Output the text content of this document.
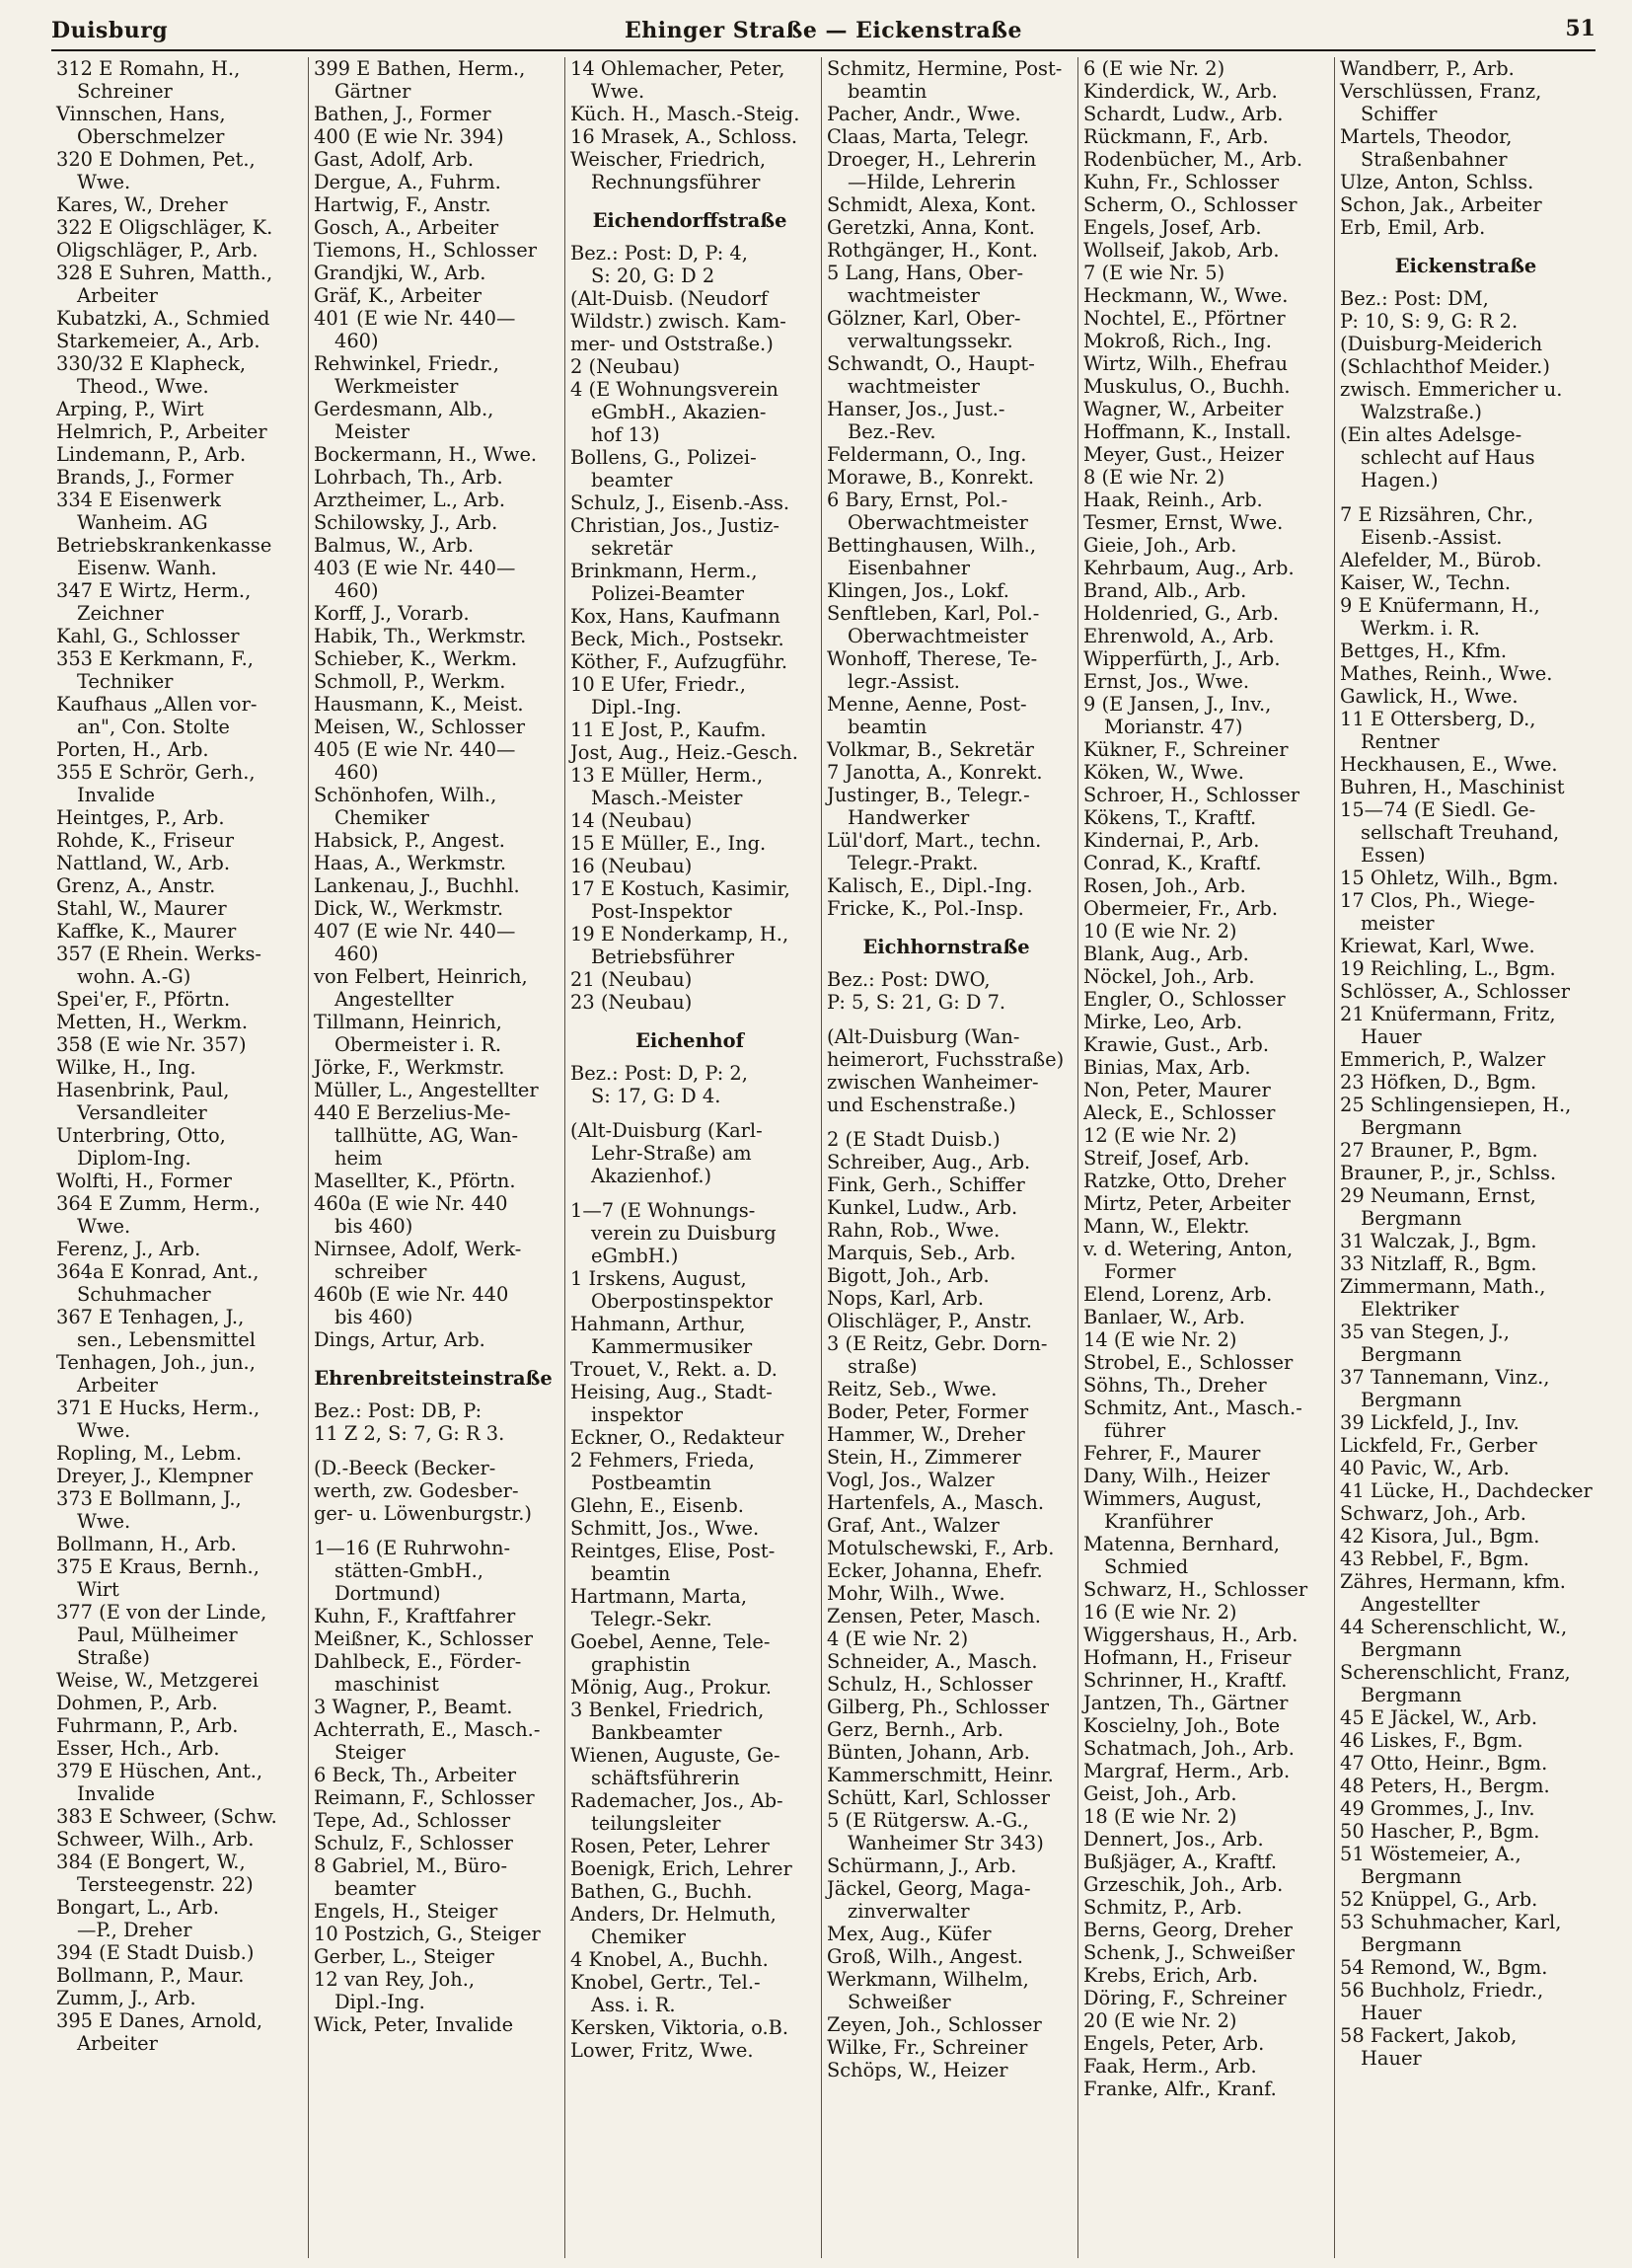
Duisburg	Ehinger Straße — Eickenstraße	51
312 E Romahn, H.,
Schreiner
Vinnschen, Hans,
Oberschmelzer
320 E Dohmen, Pet.,
Wwe.
Kares, W., Dreher
322 E Oligschläger, K.
Oligschläger, P., Arb.
328 E Suhren, Matth.,
Arbeiter
Kubatzki, A., Schmied
Starkemeier, A., Arb.
330/32 E Klapheck,
Theod., Wwe.
Arping, P., Wirt
Helmrich, P., Arbeiter
Lindemann, P., Arb.
Brands, J., Former
334 E Eisenwerk
Wanheim. AG
Betriebskrankenkasse
Eisenw. Wanh.
347 E Wirtz, Herm.,
Zeichner
Kahl, G., Schlosser
353 E Kerkmann, F.,
Techniker
Kaufhaus „Allen vor-
an", Con. Stolte
Porten, H., Arb.
355 E Schrör, Gerh.,
Invalide
Heintges, P., Arb.
Rohde, K., Friseur
Nattland, W., Arb.
Grenz, A., Anstr.
Stahl, W., Maurer
Kaffke, K., Maurer
357 (E Rhein. Werks-
wohn. A.-G)
Spei'er, F., Pförtn.
Metten, H., Werkm.
358 (E wie Nr. 357)
Wilke, H., Ing.
Hasenbrink, Paul,
Versandleiter
Unterbring, Otto,
Diplom-Ing.
Wolfti, H., Former
364 E Zumm, Herm.,
Wwe.
Ferenz, J., Arb.
364a E Konrad, Ant.,
Schuhmacher
367 E Tenhagen, J.,
sen., Lebensmittel
Tenhagen, Joh., jun.,
Arbeiter
371 E Hucks, Herm.,
Wwe.
Ropling, M., Lebm.
Dreyer, J., Klempner
373 E Bollmann, J.,
Wwe.
Bollmann, H., Arb.
375 E Kraus, Bernh.,
Wirt
377 (E von der Linde,
Paul, Mülheimer
Straße)
Weise, W., Metzgerei
Dohmen, P., Arb.
Fuhrmann, P., Arb.
Esser, Hch., Arb.
379 E Hüschen, Ant.,
Invalide
383 E Schweer, (Schw.
Schweer, Wilh., Arb.
384 (E Bongert, W.,
Tersteegenstr. 22)
Bongart, L., Arb.
—P., Dreher
394 (E Stadt Duisb.)
Bollmann, P., Maur.
Zumm, J., Arb.
395 E Danes, Arnold,
Arbeiter
399 E Bathen, Herm.,
Gärtner
Bathen, J., Former
400 (E wie Nr. 394)
Gast, Adolf, Arb.
Dergue, A., Fuhrm.
Hartwig, F., Anstr.
Gosch, A., Arbeiter
Tiemons, H., Schlosser
Grandjki, W., Arb.
Gräf, K., Arbeiter
401 (E wie Nr. 440—
460)
Rehwinkel, Friedr.,
Werkmeister
Gerdesmann, Alb.,
Meister
Bockermann, H., Wwe.
Lohrbach, Th., Arb.
Arztheimer, L., Arb.
Schilowsky, J., Arb.
Balmus, W., Arb.
403 (E wie Nr. 440—
460)
Korff, J., Vorarb.
Habik, Th., Werkmstr.
Schieber, K., Werkm.
Schmoll, P., Werkm.
Hausmann, K., Meist.
Meisen, W., Schlosser
405 (E wie Nr. 440—
460)
Schönhofen, Wilh.,
Chemiker
Habsick, P., Angest.
Haas, A., Werkmstr.
Lankenau, J., Buchhl.
Dick, W., Werkmstr.
407 (E wie Nr. 440—
460)
von Felbert, Heinrich,
Angestellter
Tillmann, Heinrich,
Obermeister i. R.
Jörke, F., Werkmstr.
Müller, L., Angestellter
440 E Berzelius-Me-
tallhütte, AG, Wan-
heim
Masellter, K., Pförtn.
460a (E wie Nr. 440
bis 460)
Nirnsee, Adolf, Werk-
schreiber
460b (E wie Nr. 440
bis 460)
Dings, Artur, Arb.
Ehrenbreitsteinstraße
Bez.: Post: DB, P:
11 Z 2, S: 7, G: R 3.
(D.-Beeck (Becker-
werth, zw. Godesber-
ger- u. Löwenburgstr.)
1—16 (E Ruhrwohn-
stätten-GmbH.,
Dortmund)
Kuhn, F., Kraftfahrer
Meißner, K., Schlosser
Dahlbeck, E., Förder-
maschinist
3 Wagner, P., Beamt.
Achterrath, E., Masch.-
Steiger
6 Beck, Th., Arbeiter
Reimann, F., Schlosser
Tepe, Ad., Schlosser
Schulz, F., Schlosser
8 Gabriel, M., Büro-
beamter
Engels, H., Steiger
10 Postzich, G., Steiger
Gerber, L., Steiger
12 van Rey, Joh.,
Dipl.-Ing.
Wick, Peter, Invalide
14 Ohlemacher, Peter,
Wwe.
Küch. H., Masch.-Steig.
16 Mrasek, A., Schloss.
Weischer, Friedrich,
Rechnungsführer
Eichendorffstraße
Bez.: Post: D, P: 4,
S: 20, G: D 2
(Alt-Duisb. (Neudorf
Wildstr.) zwisch. Kam-
mer- und Oststraße.)
2 (Neubau)
4 (E Wohnungsverein
eGmbH., Akazien-
hof 13)
Bollens, G., Polizei-
beamter
Schulz, J., Eisenb.-Ass.
Christian, Jos., Justiz-
sekretär
Brinkmann, Herm.,
Polizei-Beamter
Kox, Hans, Kaufmann
Beck, Mich., Postsekr.
Köther, F., Aufzugführ.
10 E Ufer, Friedr.,
Dipl.-Ing.
11 E Jost, P., Kaufm.
Jost, Aug., Heiz.-Gesch.
13 E Müller, Herm.,
Masch.-Meister
14 (Neubau)
15 E Müller, E., Ing.
16 (Neubau)
17 E Kostuch, Kasimir,
Post-Inspektor
19 E Nonderkamp, H.,
Betriebsführer
21 (Neubau)
23 (Neubau)
Eichenhof
Bez.: Post: D, P: 2,
S: 17, G: D 4.
(Alt-Duisburg (Karl-
Lehr-Straße) am
Akazienhof.)
1—7 (E Wohnungs-
verein zu Duisburg
eGmbH.)
1 Irskens, August,
Oberpostinspektor
Hahmann, Arthur,
Kammermusiker
Trouet, V., Rekt. a. D.
Heising, Aug., Stadt-
inspektor
Eckner, O., Redakteur
2 Fehmers, Frieda,
Postbeamtin
Glehn, E., Eisenb.
Schmitt, Jos., Wwe.
Reintges, Elise, Post-
beamtin
Hartmann, Marta,
Telegr.-Sekr.
Goebel, Aenne, Tele-
graphistin
Mönig, Aug., Prokur.
3 Benkel, Friedrich,
Bankbeamter
Wienen, Auguste, Ge-
schäftsführerin
Rademacher, Jos., Ab-
teilungsleiter
Rosen, Peter, Lehrer
Boenigk, Erich, Lehrer
Bathen, G., Buchh.
Anders, Dr. Helmuth,
Chemiker
4 Knobel, A., Buchh.
Knobel, Gertr., Tel.-
Ass. i. R.
Kersken, Viktoria, o.B.
Lower, Fritz, Wwe.
Schmitz, Hermine, Post-
beamtin
Pacher, Andr., Wwe.
Claas, Marta, Telegr.
Droeger, H., Lehrerin
—Hilde, Lehrerin
Schmidt, Alexa, Kont.
Geretzki, Anna, Kont.
Rothgänger, H., Kont.
5 Lang, Hans, Ober-
wachtmeister
Gölzner, Karl, Ober-
verwaltungssekr.
Schwandt, O., Haupt-
wachtmeister
Hanser, Jos., Just.-
Bez.-Rev.
Feldermann, O., Ing.
Morawe, B., Konrekt.
6 Bary, Ernst, Pol.-
Oberwachtmeister
Bettinghausen, Wilh.,
Eisenbahner
Klingen, Jos., Lokf.
Senftleben, Karl, Pol.-
Oberwachtmeister
Wonhoff, Therese, Te-
legr.-Assist.
Menne, Aenne, Post-
beamtin
Volkmar, B., Sekretär
7 Janotta, A., Konrekt.
Justinger, B., Telegr.-
Handwerker
Lül'dorf, Mart., techn.
Telegr.-Prakt.
Kalisch, E., Dipl.-Ing.
Fricke, K., Pol.-Insp.
Eichhornstraße
Bez.: Post: DWO,
P: 5, S: 21, G: D 7.
(Alt-Duisburg (Wan-
heimerort, Fuchsstraße)
zwischen Wanheimer-
und Eschenstraße.)
2 (E Stadt Duisb.)
Schreiber, Aug., Arb.
Fink, Gerh., Schiffer
Kunkel, Ludw., Arb.
Rahn, Rob., Wwe.
Marquis, Seb., Arb.
Bigott, Joh., Arb.
Nops, Karl, Arb.
Olischläger, P., Anstr.
3 (E Reitz, Gebr. Dorn-
straße)
Reitz, Seb., Wwe.
Boder, Peter, Former
Hammer, W., Dreher
Stein, H., Zimmerer
Vogl, Jos., Walzer
Hartenfels, A., Masch.
Graf, Ant., Walzer
Motulschewski, F., Arb.
Ecker, Johanna, Ehefr.
Mohr, Wilh., Wwe.
Zensen, Peter, Masch.
4 (E wie Nr. 2)
Schneider, A., Masch.
Schulz, H., Schlosser
Gilberg, Ph., Schlosser
Gerz, Bernh., Arb.
Bünten, Johann, Arb.
Kammerschmitt, Heinr.
Schütt, Karl, Schlosser
5 (E Rütgersw. A.-G.,
Wanheimer Str 343)
Schürmann, J., Arb.
Jäckel, Georg, Maga-
zinverwalter
Mex, Aug., Küfer
Groß, Wilh., Angest.
Werkmann, Wilhelm,
Schweißer
Zeyen, Joh., Schlosser
Wilke, Fr., Schreiner
Schöps, W., Heizer
6 (E wie Nr. 2)
Kinderdick, W., Arb.
Schardt, Ludw., Arb.
Rückmann, F., Arb.
Rodenbücher, M., Arb.
Kuhn, Fr., Schlosser
Scherm, O., Schlosser
Engels, Josef, Arb.
Wollseif, Jakob, Arb.
7 (E wie Nr. 5)
Heckmann, W., Wwe.
Nochtel, E., Pförtner
Mokroß, Rich., Ing.
Wirtz, Wilh., Ehefrau
Muskulus, O., Buchh.
Wagner, W., Arbeiter
Hoffmann, K., Install.
Meyer, Gust., Heizer
8 (E wie Nr. 2)
Haak, Reinh., Arb.
Tesmer, Ernst, Wwe.
Gieie, Joh., Arb.
Kehrbaum, Aug., Arb.
Brand, Alb., Arb.
Holdenried, G., Arb.
Ehrenwold, A., Arb.
Wipperfürth, J., Arb.
Ernst, Jos., Wwe.
9 (E Jansen, J., Inv.,
Morianstr. 47)
Kükner, F., Schreiner
Köken, W., Wwe.
Schroer, H., Schlosser
Kökens, T., Kraftf.
Kindernai, P., Arb.
Conrad, K., Kraftf.
Rosen, Joh., Arb.
Obermeier, Fr., Arb.
10 (E wie Nr. 2)
Blank, Aug., Arb.
Nöckel, Joh., Arb.
Engler, O., Schlosser
Mirke, Leo, Arb.
Krawie, Gust., Arb.
Binias, Max, Arb.
Non, Peter, Maurer
Aleck, E., Schlosser
12 (E wie Nr. 2)
Streif, Josef, Arb.
Ratzke, Otto, Dreher
Mirtz, Peter, Arbeiter
Mann, W., Elektr.
v. d. Wetering, Anton,
Former
Elend, Lorenz, Arb.
Banlaer, W., Arb.
14 (E wie Nr. 2)
Strobel, E., Schlosser
Söhns, Th., Dreher
Schmitz, Ant., Masch.-
führer
Fehrer, F., Maurer
Dany, Wilh., Heizer
Wimmers, August,
Kranführer
Matenna, Bernhard,
Schmied
Schwarz, H., Schlosser
16 (E wie Nr. 2)
Wiggershaus, H., Arb.
Hofmann, H., Friseur
Schrinner, H., Kraftf.
Jantzen, Th., Gärtner
Koscielny, Joh., Bote
Schatmach, Joh., Arb.
Margraf, Herm., Arb.
Geist, Joh., Arb.
18 (E wie Nr. 2)
Dennert, Jos., Arb.
Bußjäger, A., Kraftf.
Grzeschik, Joh., Arb.
Schmitz, P., Arb.
Berns, Georg, Dreher
Schenk, J., Schweißer
Krebs, Erich, Arb.
Döring, F., Schreiner
20 (E wie Nr. 2)
Engels, Peter, Arb.
Faak, Herm., Arb.
Franke, Alfr., Kranf.
Wandberr, P., Arb.
Verschlüssen, Franz,
Schiffer
Martels, Theodor,
Straßenbahner
Ulze, Anton, Schlss.
Schon, Jak., Arbeiter
Erb, Emil, Arb.
Eickenstraße
Bez.: Post: DM,
P: 10, S: 9, G: R 2.
(Duisburg-Meiderich
(Schlachthof Meider.)
zwisch. Emmericher u.
Walzstraße.)
(Ein altes Adelsge-
schlecht auf Haus
Hagen.)
7 E Rizsähren, Chr.,
Eisenb.-Assist.
Alefelder, M., Bürob.
Kaiser, W., Techn.
9 E Knüfermann, H.,
Werkm. i. R.
Bettges, H., Kfm.
Mathes, Reinh., Wwe.
Gawlick, H., Wwe.
11 E Ottersberg, D.,
Rentner
Heckhausen, E., Wwe.
Buhren, H., Maschinist
15—74 (E Siedl. Ge-
sellschaft Treuhand,
Essen)
15 Ohletz, Wilh., Bgm.
17 Clos, Ph., Wiege-
meister
Kriewat, Karl, Wwe.
19 Reichling, L., Bgm.
Schlösser, A., Schlosser
21 Knüfermann, Fritz,
Hauer
Emmerich, P., Walzer
23 Höfken, D., Bgm.
25 Schlingensiepen, H.,
Bergmann
27 Brauner, P., Bgm.
Brauner, P., jr., Schlss.
29 Neumann, Ernst,
Bergmann
31 Walczak, J., Bgm.
33 Nitzlaff, R., Bgm.
Zimmermann, Math.,
Elektriker
35 van Stegen, J.,
Bergmann
37 Tannemann, Vinz.,
Bergmann
39 Lickfeld, J., Inv.
Lickfeld, Fr., Gerber
40 Pavic, W., Arb.
41 Lücke, H., Dachdecker
Schwarz, Joh., Arb.
42 Kisora, Jul., Bgm.
43 Rebbel, F., Bgm.
Zähres, Hermann, kfm.
Angestellter
44 Scherenschlicht, W.,
Bergmann
Scherenschlicht, Franz,
Bergmann
45 E Jäckel, W., Arb.
46 Liskes, F., Bgm.
47 Otto, Heinr., Bgm.
48 Peters, H., Bergm.
49 Grommes, J., Inv.
50 Hascher, P., Bgm.
51 Wöstemeier, A.,
Bergmann
52 Knüppel, G., Arb.
53 Schuhmacher, Karl,
Bergmann
54 Remond, W., Bgm.
56 Buchholz, Friedr.,
Hauer
58 Fackert, Jakob,
Hauer
